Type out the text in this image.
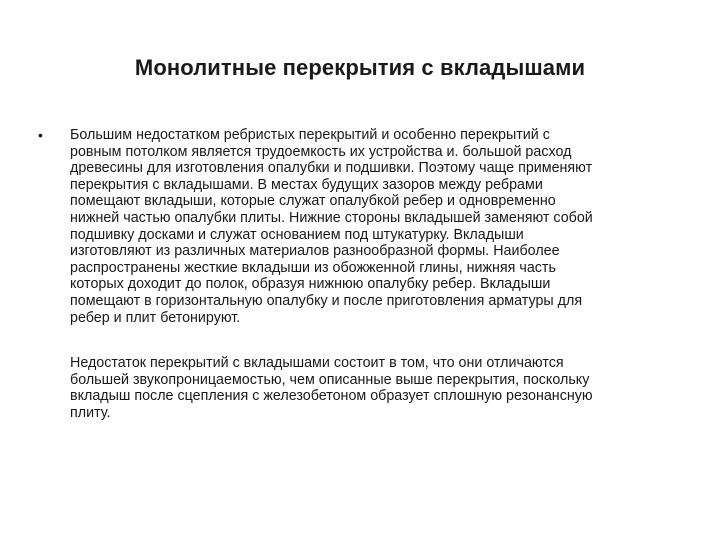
Монолитные перекрытия с вкладышами
• Большим недостатком ребристых перекрытий и особенно перекрытий с
ровным потолком является трудоемкость их устройства и. большой расход
древесины для изготовления опалубки и подшивки. Поэтому чаще применяют
перекрытия с вкладышами. В местах будущих зазоров между ребрами
помещают вкладыши, которые служат опалубкой ребер и одновременно
нижней частью опалубки плиты. Нижние стороны вкладышей заменяют собой
подшивку досками и служат основанием под штукатурку. Вкладыши
изготовляют из различных материалов разнообразной формы. Наиболее
распространены жесткие вкладыши из обожженной глины, нижняя часть
которых доходит до полок, образуя нижнюю опалубку ребер. Вкладыши
помещают в горизонтальную опалубку и после приготовления арматуры для
ребер и плит бетонируют.

Недостаток перекрытий с вкладышами состоит в том, что они отличаются
большей звукопроницаемостью, чем описанные выше перекрытия, поскольку
вкладыш после сцепления с железобетоном образует сплошную резонансную
плиту.
